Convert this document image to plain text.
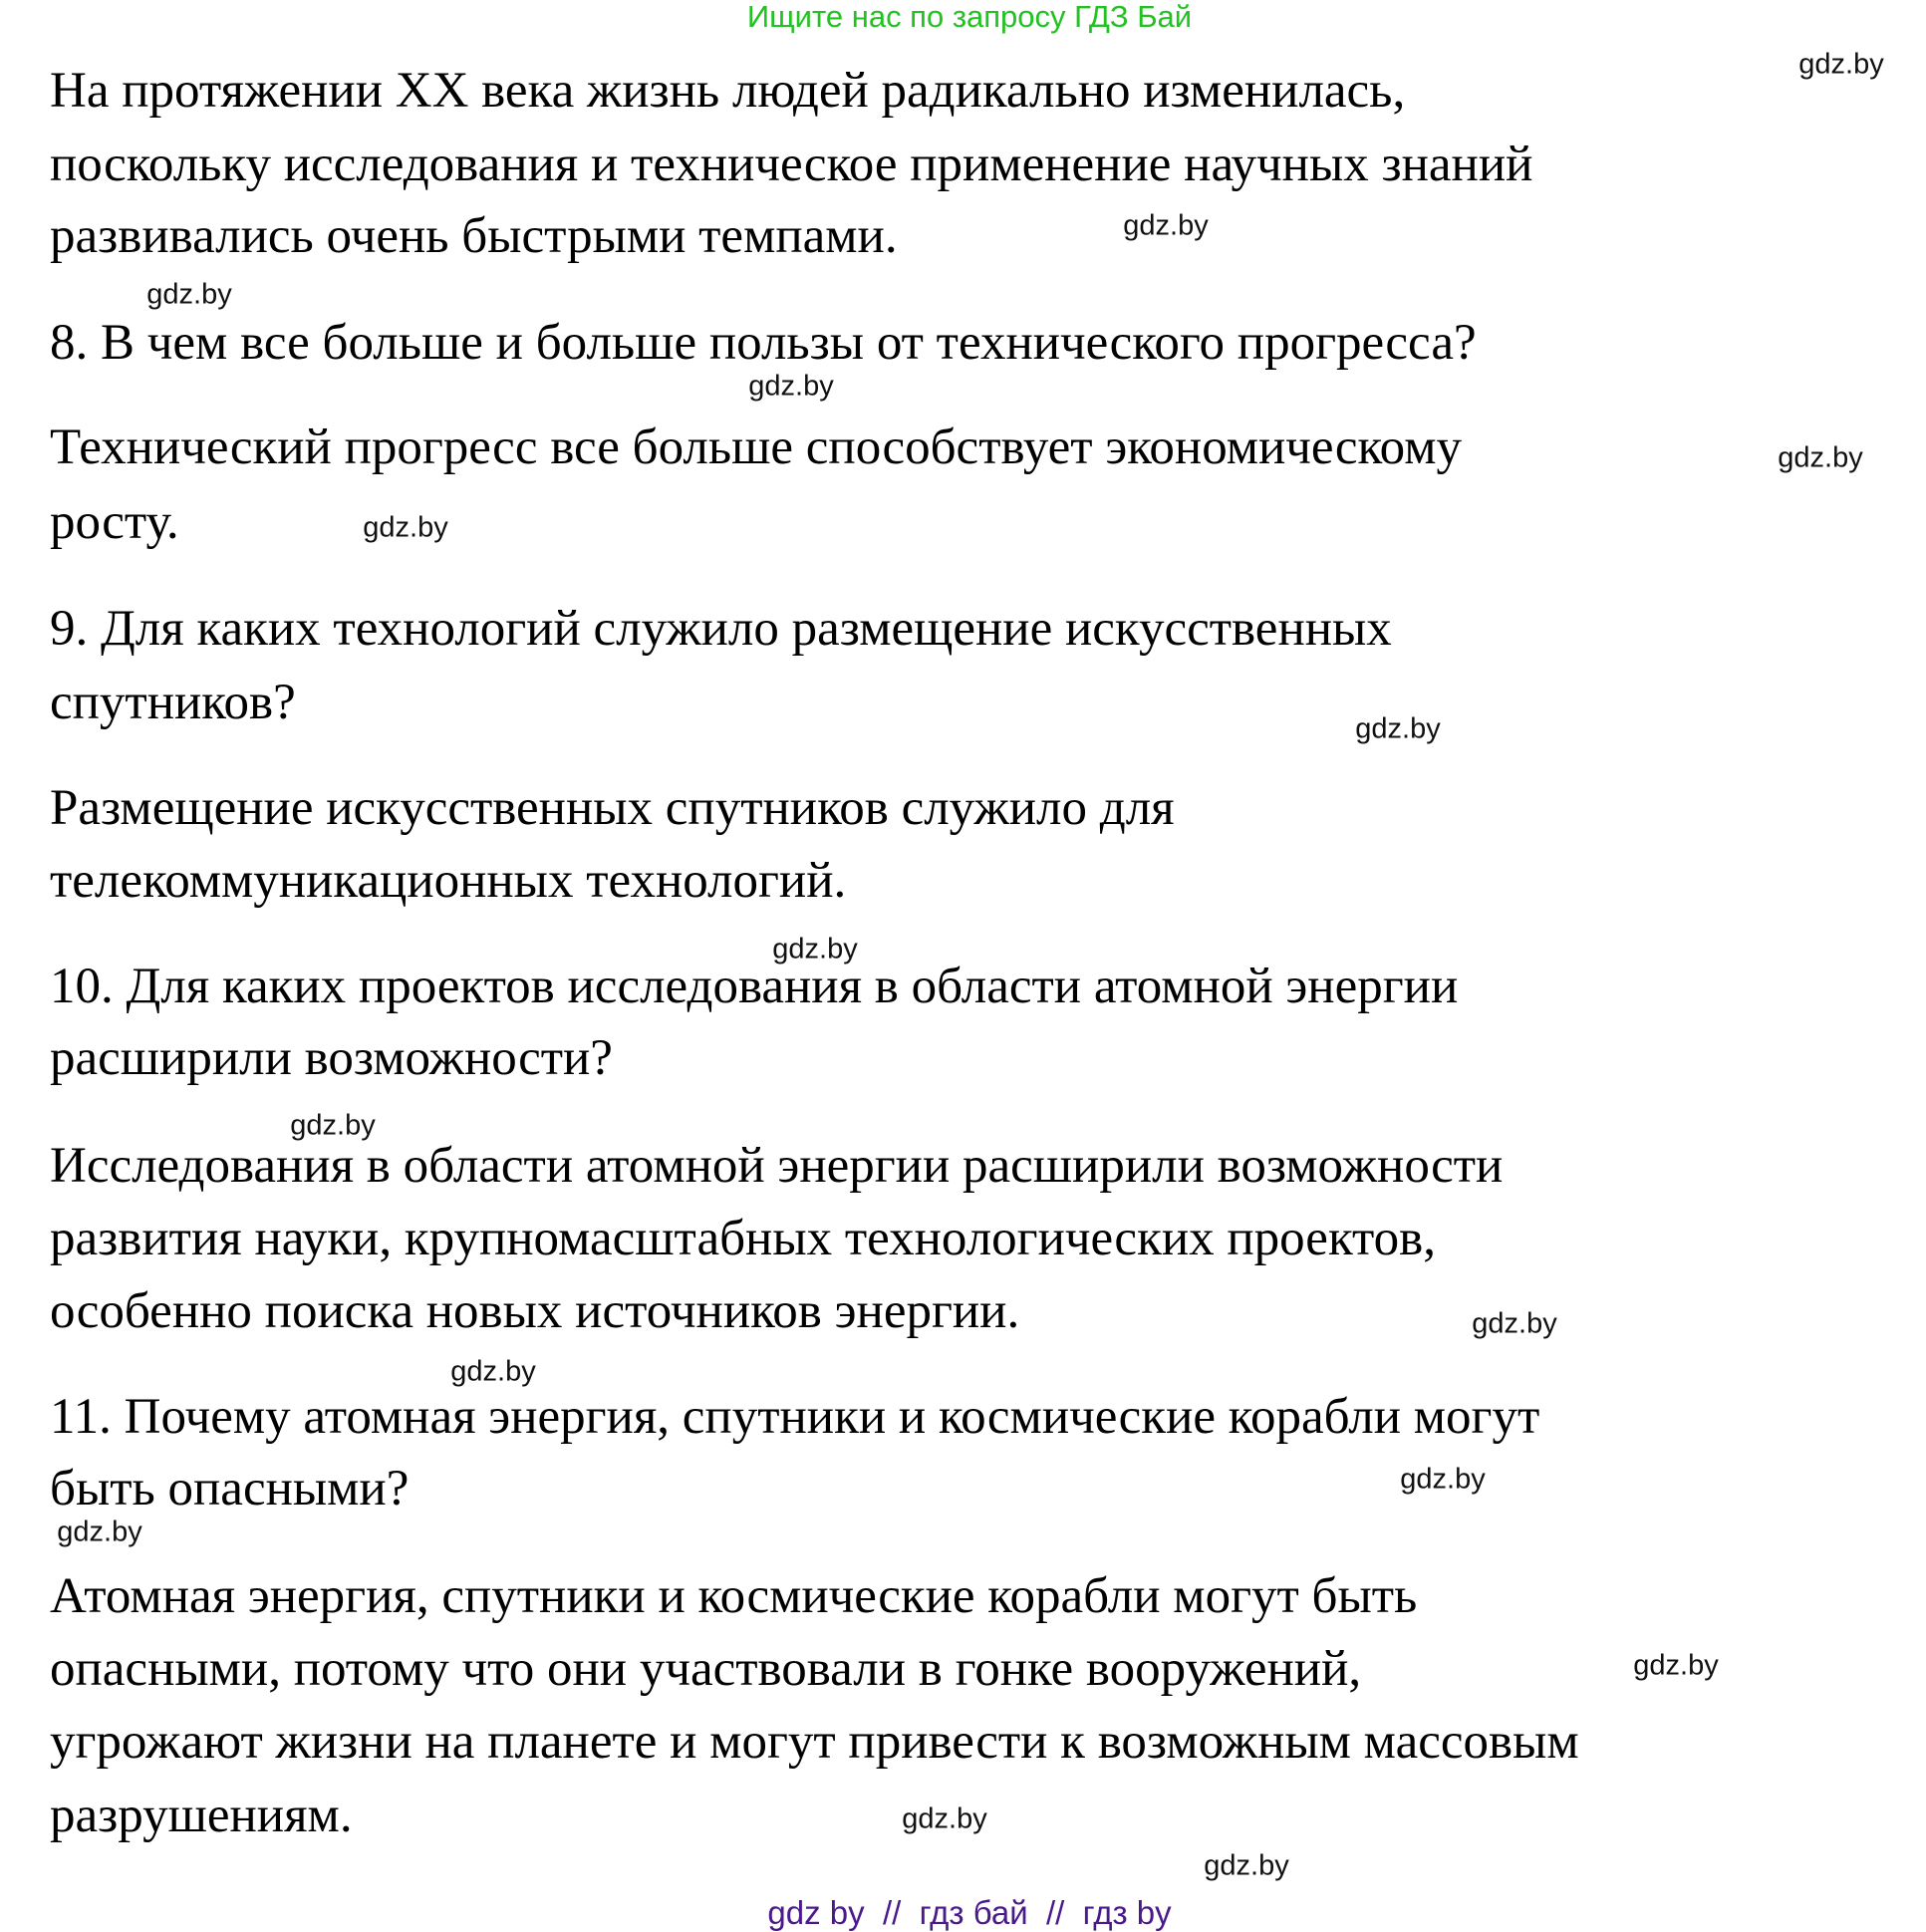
Ищите нас по запросу ГДЗ Бай
На протяжении XX века жизнь людей радикально изменилась,
поскольку исследования и техническое применение научных знаний
развивались очень быстрыми темпами.
8. В чем все больше и больше пользы от технического прогресса?
Технический прогресс все больше способствует экономическому
росту.
9. Для каких технологий служило размещение искусственных
спутников?
Размещение искусственных спутников служило для
телекоммуникационных технологий.
10. Для каких проектов исследования в области атомной энергии
расширили возможности?
Исследования в области атомной энергии расширили возможности
развития науки, крупномасштабных технологических проектов,
особенно поиска новых источников энергии.
11. Почему атомная энергия, спутники и космические корабли могут
быть опасными?
Атомная энергия, спутники и космические корабли могут быть
опасными, потому что они участвовали в гонке вооружений,
угрожают жизни на планете и могут привести к возможным массовым
разрушениям.
gdz.by
gdz.by
gdz.by
gdz.by
gdz.by
gdz.by
gdz.by
gdz.by
gdz.by
gdz.by
gdz.by
gdz.by
gdz.by
gdz.by
gdz.by
gdz.by
gdz by  //  гдз бай  //  гдз by
